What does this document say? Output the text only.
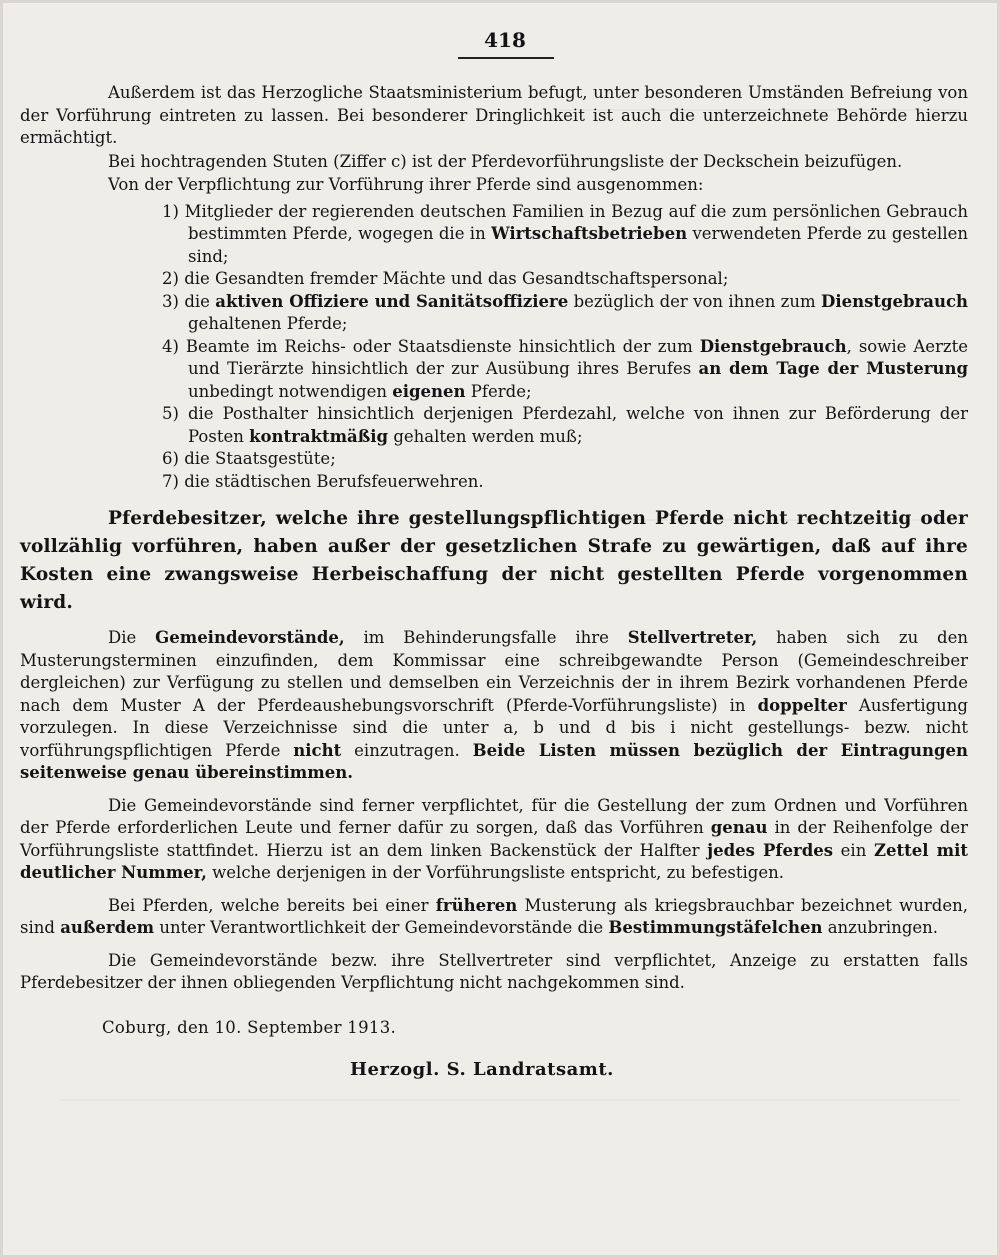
418

Außerdem ist das Herzogliche Staatsministerium befugt, unter besonderen Umständen Befreiung von der Vorführung eintreten zu lassen. Bei besonderer Dringlichkeit ist auch die unterzeichnete Behörde hierzu ermächtigt.

Bei hochtragenden Stuten (Ziffer c) ist der Pferdevorführungsliste der Deckschein beizufügen.

Von der Verpflichtung zur Vorführung ihrer Pferde sind ausgenommen:

1) Mitglieder der regierenden deutschen Familien in Bezug auf die zum persönlichen Gebrauch bestimmten Pferde, wogegen die in Wirtschaftsbetrieben verwendeten Pferde zu gestellen sind;
2) die Gesandten fremder Mächte und das Gesandtschaftspersonal;
3) die aktiven Offiziere und Sanitätsoffiziere bezüglich der von ihnen zum Dienstgebrauch gehaltenen Pferde;
4) Beamte im Reichs- oder Staatsdienste hinsichtlich der zum Dienstgebrauch, sowie Aerzte und Tierärzte hinsichtlich der zur Ausübung ihres Berufes an dem Tage der Musterung unbedingt notwendigen eigenen Pferde;
5) die Posthalter hinsichtlich derjenigen Pferdezahl, welche von ihnen zur Beförderung der Posten kontraktmäßig gehalten werden muß;
6) die Staatsgestüte;
7) die städtischen Berufsfeuerwehren.

Pferdebesitzer, welche ihre gestellungspflichtigen Pferde nicht rechtzeitig oder vollzählig vorführen, haben außer der gesetzlichen Strafe zu gewärtigen, daß auf ihre Kosten eine zwangsweise Herbeischaffung der nicht gestellten Pferde vorgenommen wird.

Die Gemeindevorstände, im Behinderungsfalle ihre Stellvertreter, haben sich zu den Musterungsterminen einzufinden, dem Kommissar eine schreibgewandte Person (Gemeindeschreiber dergleichen) zur Verfügung zu stellen und demselben ein Verzeichnis der in ihrem Bezirk vorhandenen Pferde nach dem Muster A der Pferdeaushebungsvorschrift (Pferde-Vorführungsliste) in doppelter Ausfertigung vorzulegen. In diese Verzeichnisse sind die unter a, b und d bis i nicht gestellungs- bezw. nicht vorführungspflichtigen Pferde nicht einzutragen. Beide Listen müssen bezüglich der Eintragungen seitenweise genau übereinstimmen.

Die Gemeindevorstände sind ferner verpflichtet, für die Gestellung der zum Ordnen und Vorführen der Pferde erforderlichen Leute und ferner dafür zu sorgen, daß das Vorführen genau in der Reihenfolge der Vorführungsliste stattfindet. Hierzu ist an dem linken Backenstück der Halfter jedes Pferdes ein Zettel mit deutlicher Nummer, welche derjenigen in der Vorführungsliste entspricht, zu befestigen.

Bei Pferden, welche bereits bei einer früheren Musterung als kriegsbrauchbar bezeichnet wurden, sind außerdem unter Verantwortlichkeit der Gemeindevorstände die Bestimmungstäfelchen anzubringen.

Die Gemeindevorstände bezw. ihre Stellvertreter sind verpflichtet, Anzeige zu erstatten falls Pferdebesitzer der ihnen obliegenden Verpflichtung nicht nachgekommen sind.

Coburg, den 10. September 1913.

Herzogl. S. Landratsamt.
